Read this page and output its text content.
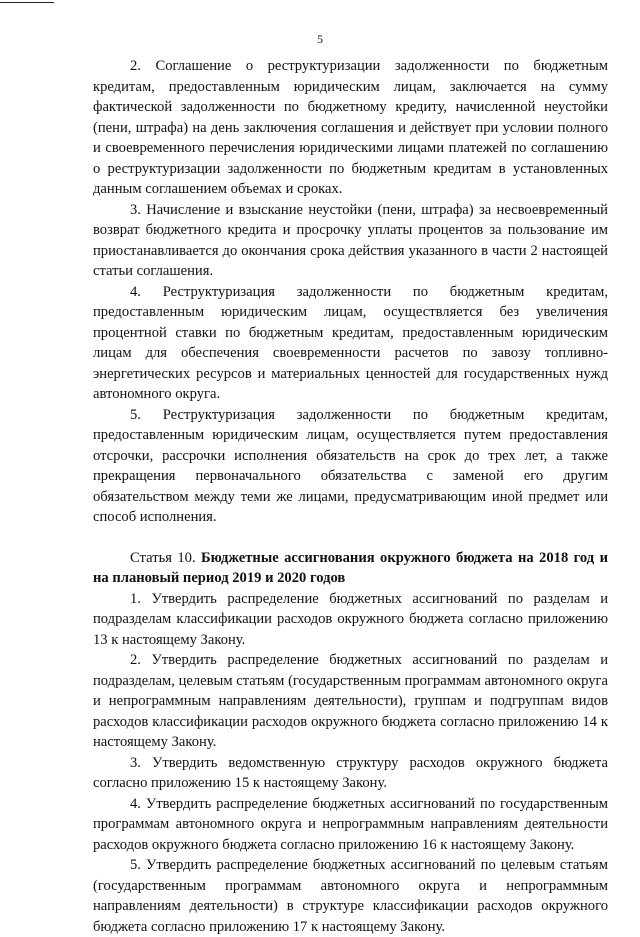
5

2. Соглашение о реструктуризации задолженности по бюджетным кредитам, предоставленным юридическим лицам, заключается на сумму фактической задолженности по бюджетному кредиту, начисленной неустойки (пени, штрафа) на день заключения соглашения и действует при условии полного и своевременного перечисления юридическими лицами платежей по соглашению о реструктуризации задолженности по бюджетным кредитам в установленных данным соглашением объемах и сроках.

3. Начисление и взыскание неустойки (пени, штрафа) за несвоевременный возврат бюджетного кредита и просрочку уплаты процентов за пользование им приостанавливается до окончания срока действия указанного в части 2 настоящей статьи соглашения.

4. Реструктуризация задолженности по бюджетным кредитам, предоставленным юридическим лицам, осуществляется без увеличения процентной ставки по бюджетным кредитам, предоставленным юридическим лицам для обеспечения своевременности расчетов по завозу топливно-энергетических ресурсов и материальных ценностей для государственных нужд автономного округа.

5. Реструктуризация задолженности по бюджетным кредитам, предоставленным юридическим лицам, осуществляется путем предоставления отсрочки, рассрочки исполнения обязательств на срок до трех лет, а также прекращения первоначального обязательства с заменой его другим обязательством между теми же лицами, предусматривающим иной предмет или способ исполнения.

Статья 10. Бюджетные ассигнования окружного бюджета на 2018 год и на плановый период 2019 и 2020 годов

1. Утвердить распределение бюджетных ассигнований по разделам и подразделам классификации расходов окружного бюджета согласно приложению 13 к настоящему Закону.

2. Утвердить распределение бюджетных ассигнований по разделам и подразделам, целевым статьям (государственным программам автономного округа и непрограммным направлениям деятельности), группам и подгруппам видов расходов классификации расходов окружного бюджета согласно приложению 14 к настоящему Закону.

3. Утвердить ведомственную структуру расходов окружного бюджета согласно приложению 15 к настоящему Закону.

4. Утвердить распределение бюджетных ассигнований по государственным программам автономного округа и непрограммным направлениям деятельности расходов окружного бюджета согласно приложению 16 к настоящему Закону.

5. Утвердить распределение бюджетных ассигнований по целевым статьям (государственным программам автономного округа и непрограммным направлениям деятельности) в структуре классификации расходов окружного бюджета согласно приложению 17 к настоящему Закону.
